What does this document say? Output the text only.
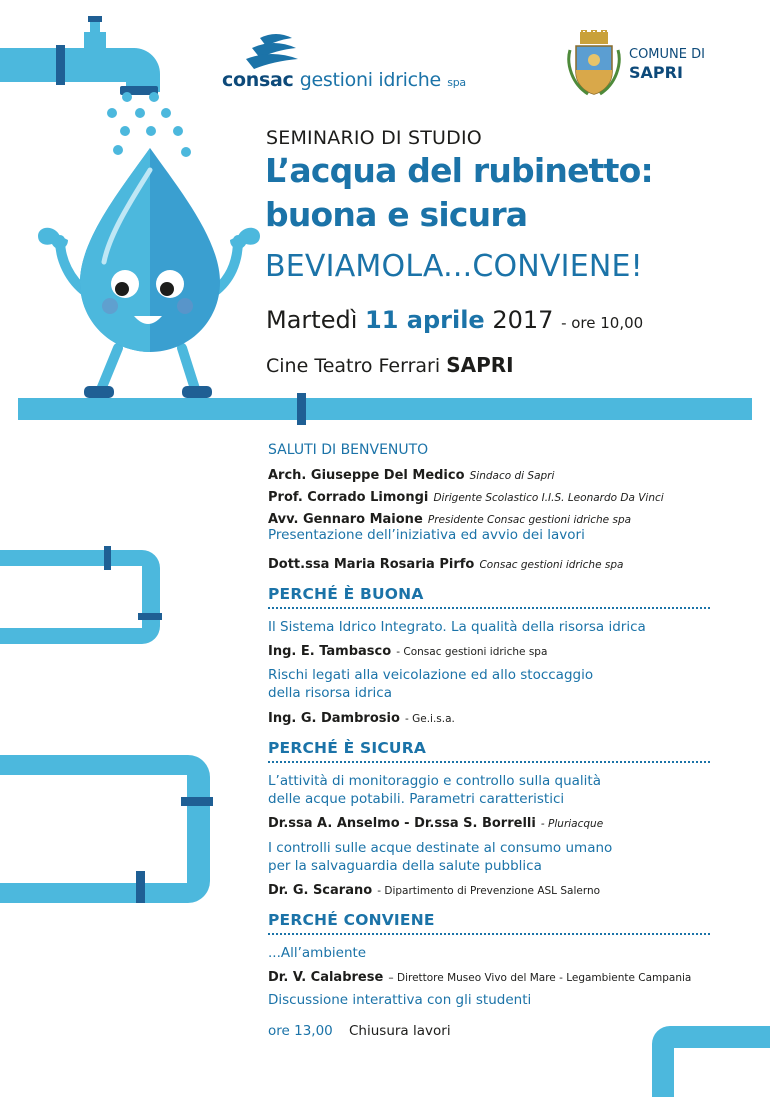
consac gestioni idriche spa
COMUNE DI
SAPRI
SEMINARIO DI STUDIO
L’acqua del rubinetto:
buona e sicura
BEVIAMOLA...CONVIENE!
Martedì 11 aprile 2017 - ore 10,00
Cine Teatro Ferrari SAPRI
SALUTI DI BENVENUTO
Arch. Giuseppe Del Medico Sindaco di Sapri
Prof. Corrado Limongi Dirigente Scolastico I.I.S. Leonardo Da Vinci
Avv. Gennaro Maione Presidente Consac gestioni idriche spa
Presentazione dell’iniziativa ed avvio dei lavori
Dott.ssa Maria Rosaria Pirfo Consac gestioni idriche spa
PERCHÉ È BUONA
Il Sistema Idrico Integrato. La qualità della risorsa idrica
Ing. E. Tambasco - Consac gestioni idriche spa
Rischi legati alla veicolazione ed allo stoccaggio
della risorsa idrica
Ing. G. Dambrosio - Ge.i.s.a.
PERCHÉ È SICURA
L’attività di monitoraggio e controllo sulla qualità
delle acque potabili. Parametri caratteristici
Dr.ssa A. Anselmo - Dr.ssa S. Borrelli - Pluriacque
I controlli sulle acque destinate al consumo umano
per la salvaguardia della salute pubblica
Dr. G. Scarano - Dipartimento di Prevenzione ASL Salerno
PERCHÉ CONVIENE
...All’ambiente
Dr. V. Calabrese – Direttore Museo Vivo del Mare - Legambiente Campania
Discussione interattiva con gli studenti
ore 13,00 Chiusura lavori
